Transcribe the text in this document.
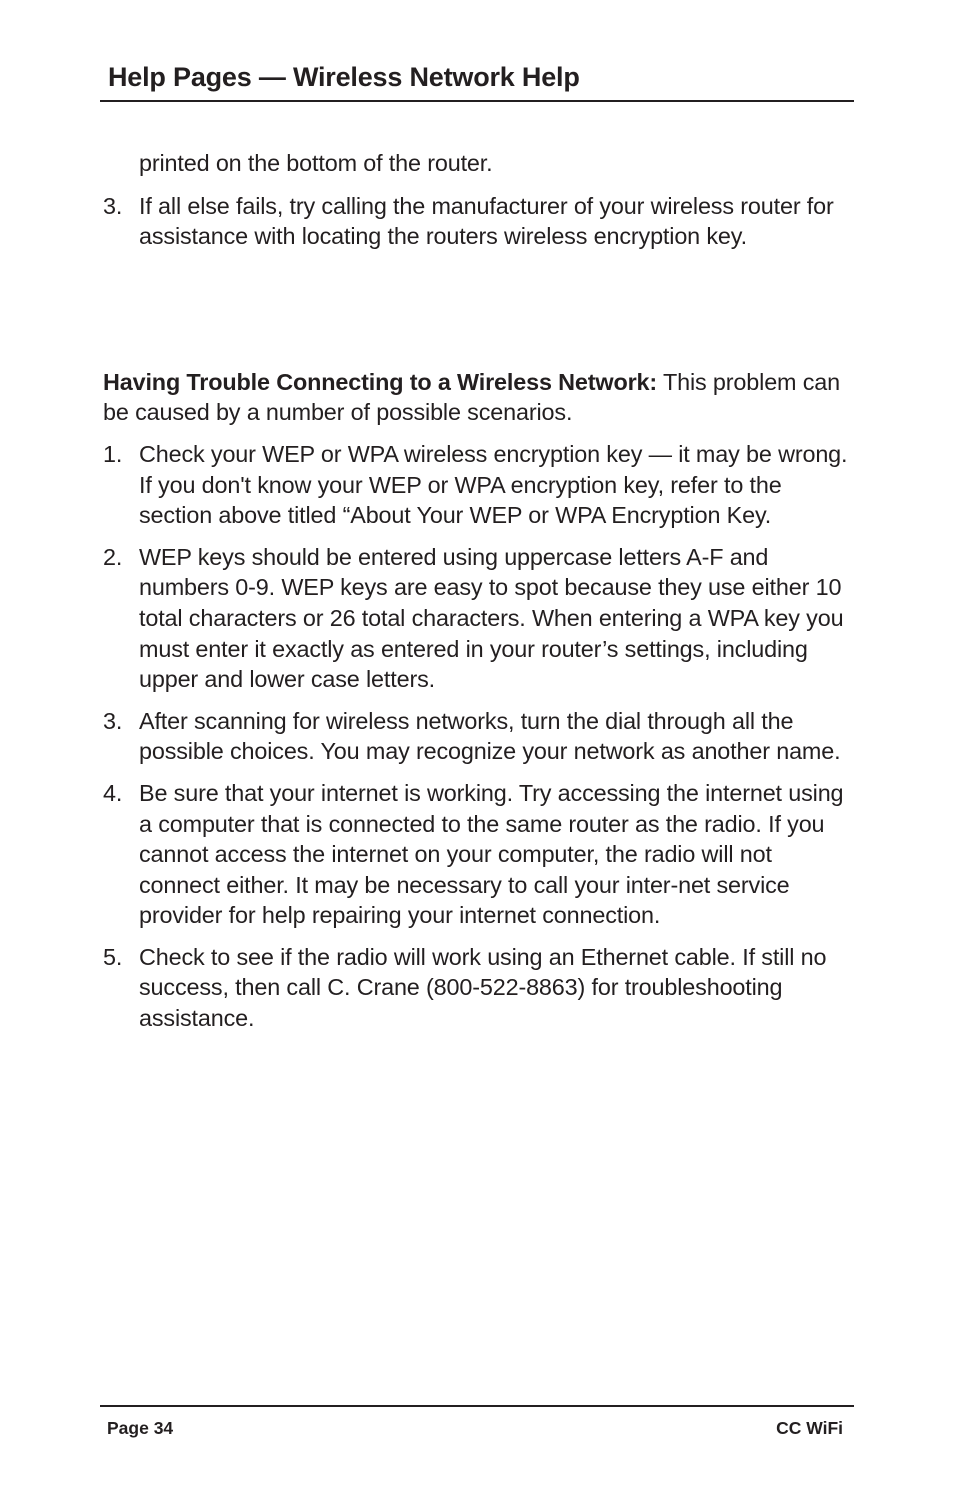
Help Pages — Wireless Network Help

printed on the bottom of the router.

3. If all else fails, try calling the manufacturer of your wireless router for assistance with locating the routers wireless encryption key.

Having Trouble Connecting to a Wireless Network: This problem can be caused by a number of possible scenarios.

1. Check your WEP or WPA wireless encryption key — it may be wrong. If you don't know your WEP or WPA encryption key, refer to the section above titled “About Your WEP or WPA Encryption Key.
2. WEP keys should be entered using uppercase letters A-F and numbers 0-9. WEP keys are easy to spot because they use either 10 total characters or 26 total characters. When entering a WPA key you must enter it exactly as entered in your router’s settings, including upper and lower case letters.
3. After scanning for wireless networks, turn the dial through all the possible choices. You may recognize your network as another name.
4. Be sure that your internet is working. Try accessing the internet using a computer that is connected to the same router as the radio. If you cannot access the internet on your computer, the radio will not connect either. It may be necessary to call your inter-net service provider for help repairing your internet connection.
5. Check to see if the radio will work using an Ethernet cable. If still no success, then call C. Crane (800-522-8863) for troubleshooting assistance.
Page 34	CC WiFi
